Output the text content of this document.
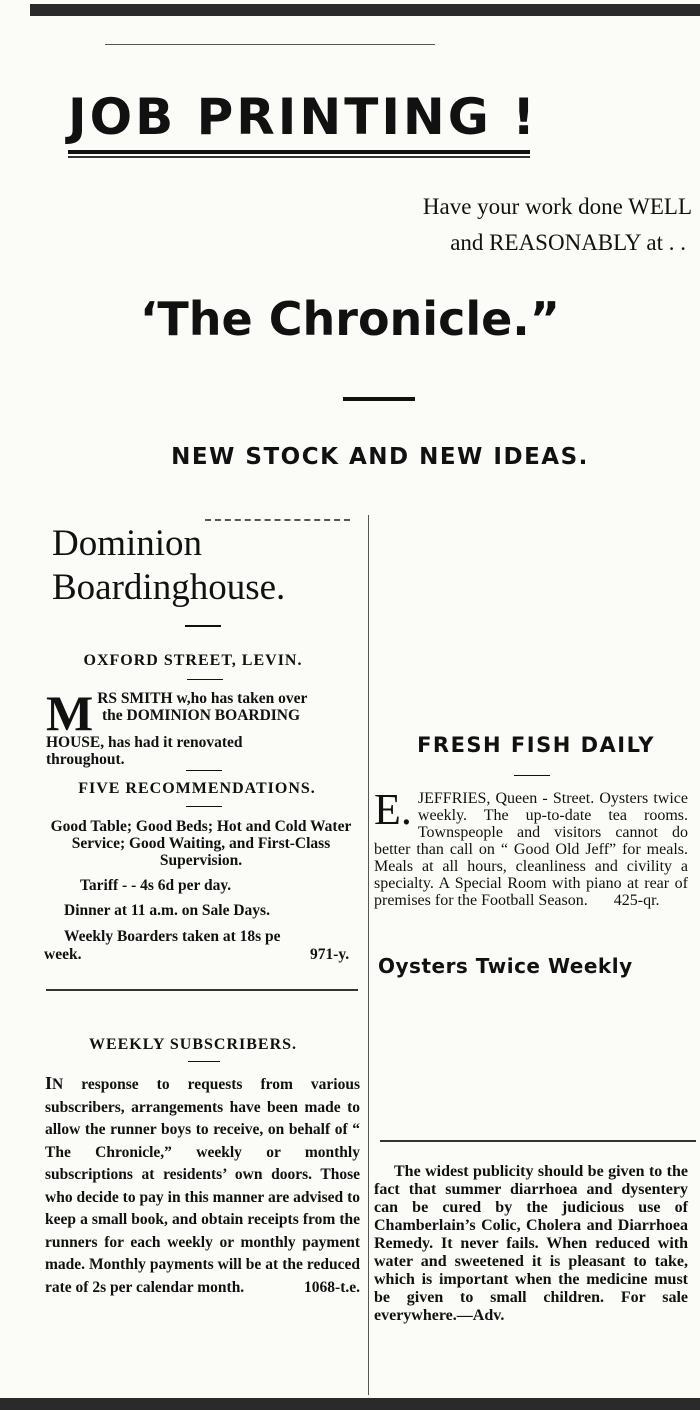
JOB PRINTING !
Have your work done WELL
and REASONABLY at . .
‘The Chronicle.”
NEW STOCK AND NEW IDEAS.
Dominion
Boardinghouse.
OXFORD STREET, LEVIN.
M RS SMITH w,ho has taken over
the DOMINION BOARDING
HOUSE, has had it renovated
throughout.
FIVE RECOMMENDATIONS.
Good Table; Good Beds; Hot and Cold Water Service; Good Waiting, and First-Class Supervision.
Tariff - - 4s 6d per day.
Dinner at 11 a.m. on Sale Days.
Weekly Boarders taken at 18s pe
week.	971-y.
WEEKLY SUBSCRIBERS.
IN response to requests from various subscribers, arrangements have been made to allow the runner boys to receive, on behalf of “ The Chronicle,” weekly or monthly subscriptions at residents’ own doors. Those who decide to pay in this manner are advised to keep a small book, and obtain receipts from the runners for each weekly or monthly payment made. Monthly payments will be at the reduced rate of 2s per calendar month.	1068-t.e.
FRESH FISH DAILY
E. JEFFRIES, Queen - Street. Oysters twice weekly. The up-to-date tea rooms. Townspeople and visitors cannot do better than call on “ Good Old Jeff” for meals. Meals at all hours, cleanliness and civility a specialty. A Special Room with piano at rear of premises for the Football Season. 425-qr.
Oysters Twice Weekly
The widest publicity should be given to the fact that summer diarrhoea and dysentery can be cured by the judicious use of Chamberlain’s Colic, Cholera and Diarrhoea Remedy. It never fails. When reduced with water and sweetened it is pleasant to take, which is important when the medicine must be given to small children. For sale everywhere.—Adv.
